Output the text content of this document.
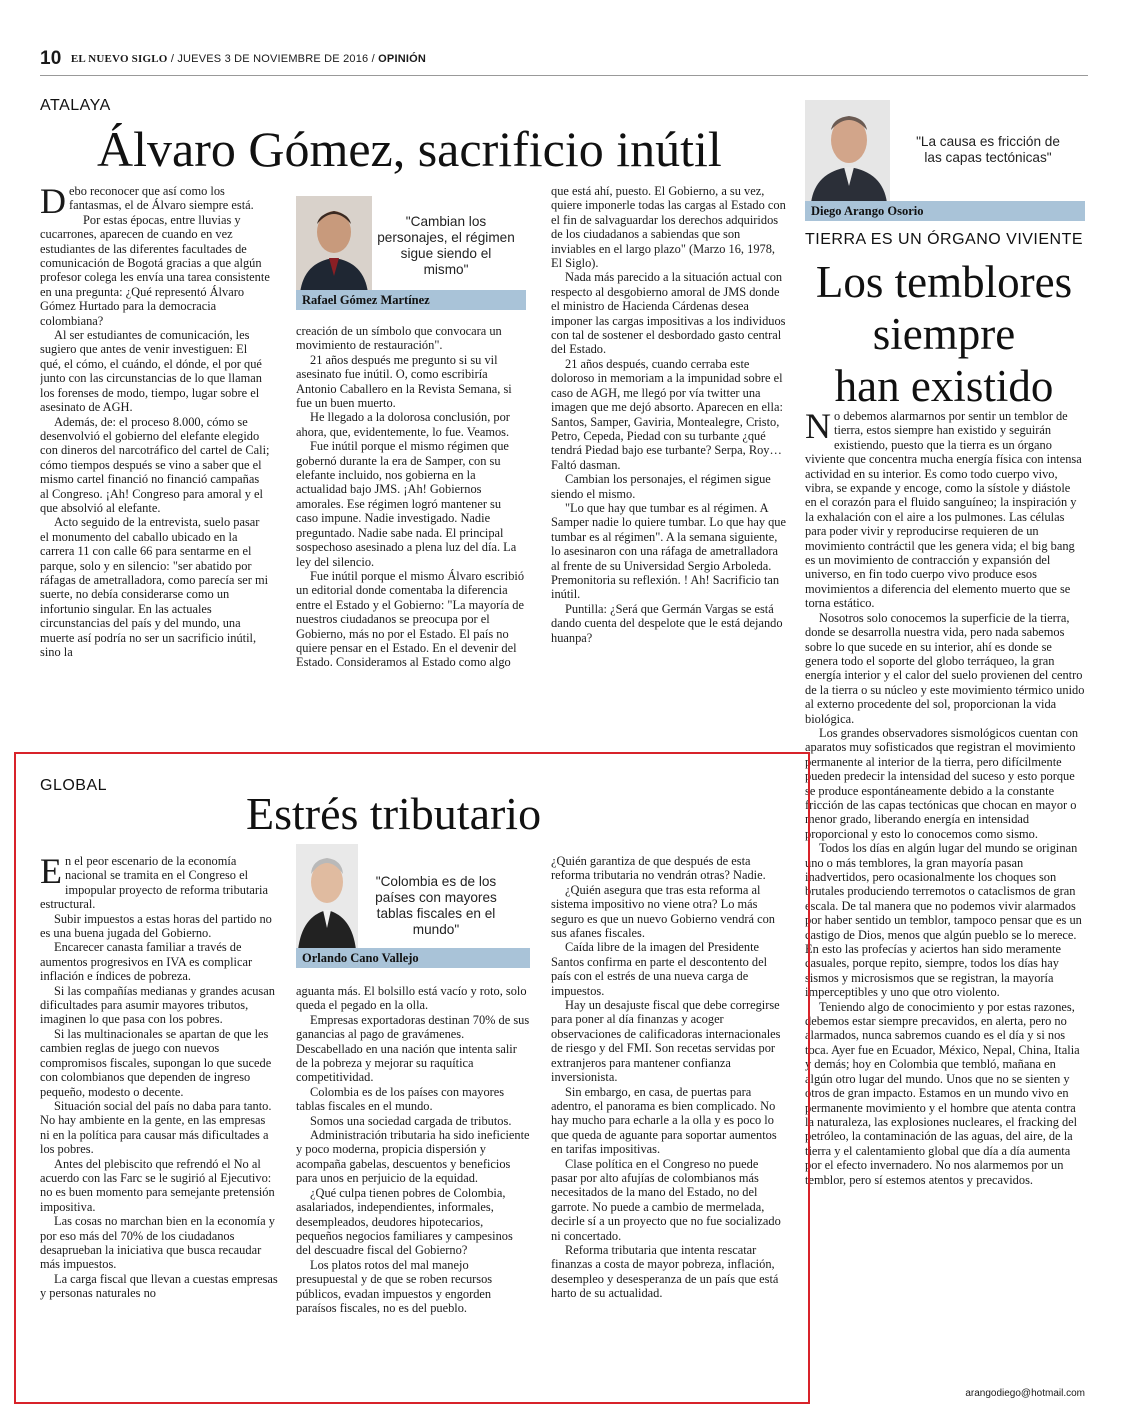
10 EL NUEVO SIGLO / JUEVES 3 DE NOVIEMBRE DE 2016 / OPINIÓN
ATALAYA
Álvaro Gómez, sacrificio inútil

Debo reconocer que así como los fantasmas, el de Álvaro siempre está.

Por estas épocas, entre lluvias y cucarrones, aparecen de cuando en vez estudiantes de las diferentes facultades de comunicación de Bogotá gracias a que algún profesor colega les envía una tarea consistente en una pregunta: ¿Qué representó Álvaro Gómez Hurtado para la democracia colombiana?

Al ser estudiantes de comunicación, les sugiero que antes de venir investiguen: El qué, el cómo, el cuándo, el dónde, el por qué junto con las circunstancias de lo que llaman los forenses de modo, tiempo, lugar sobre el asesinato de AGH.

Además, de: el proceso 8.000, cómo se desenvolvió el gobierno del elefante elegido con dineros del narcotráfico del cartel de Cali; cómo tiempos después se vino a saber que el mismo cartel financió no financió campañas al Congreso. ¡Ah! Congreso para amoral y el que absolvió al elefante.

Acto seguido de la entrevista, suelo pasar el monumento del caballo ubicado en la carrera 11 con calle 66 para sentarme en el parque, solo y en silencio: "ser abatido por ráfagas de ametralladora, como parecía ser mi suerte, no debía considerarse como un infortunio singular. En las actuales circunstancias del país y del mundo, una muerte así podría no ser un sacrificio inútil, sino la

"Cambian los personajes, el régimen sigue siendo el mismo"
Rafael Gómez Martínez

creación de un símbolo que convocara un movimiento de restauración".

21 años después me pregunto si su vil asesinato fue inútil. O, como escribiría Antonio Caballero en la Revista Semana, si fue un buen muerto.

He llegado a la dolorosa conclusión, por ahora, que, evidentemente, lo fue. Veamos.

Fue inútil porque el mismo régimen que gobernó durante la era de Samper, con su elefante incluido, nos gobierna en la actualidad bajo JMS. ¡Ah! Gobiernos amorales. Ese régimen logró mantener su caso impune. Nadie investigado. Nadie preguntado. Nadie sabe nada. El principal sospechoso asesinado a plena luz del día. La ley del silencio.

Fue inútil porque el mismo Álvaro escribió un editorial donde comentaba la diferencia entre el Estado y el Gobierno: "La mayoría de nuestros ciudadanos se preocupa por el Gobierno, más no por el Estado. El país no quiere pensar en el Estado. En el devenir del Estado. Consideramos al Estado como algo

que está ahí, puesto. El Gobierno, a su vez, quiere imponerle todas las cargas al Estado con el fin de salvaguardar los derechos adquiridos de los ciudadanos a sabiendas que son inviables en el largo plazo" (Marzo 16, 1978, El Siglo).

Nada más parecido a la situación actual con respecto al desgobierno amoral de JMS donde el ministro de Hacienda Cárdenas desea imponer las cargas impositivas a los individuos con tal de sostener el desbordado gasto central del Estado.

21 años después, cuando cerraba este doloroso in memoriam a la impunidad sobre el caso de AGH, me llegó por vía twitter una imagen que me dejó absorto. Aparecen en ella: Santos, Samper, Gaviria, Montealegre, Cristo, Petro, Cepeda, Piedad con su turbante ¿qué tendrá Piedad bajo ese turbante? Serpa, Roy…Faltó dasman.

Cambian los personajes, el régimen sigue siendo el mismo.

"Lo que hay que tumbar es al régimen. A Samper nadie lo quiere tumbar. Lo que hay que tumbar es al régimen". A la semana siguiente, lo asesinaron con una ráfaga de ametralladora al frente de su Universidad Sergio Arboleda. Premonitoria su reflexión. ! Ah! Sacrificio tan inútil.

Puntilla: ¿Será que Germán Vargas se está dando cuenta del despelote que le está dejando huanpa?

"La causa es fricción de las capas tectónicas"
Diego Arango Osorio
TIERRA ES UN ÓRGANO VIVIENTE
Los temblores
siempre
han existido

No debemos alarmarnos por sentir un temblor de tierra, estos siempre han existido y seguirán existiendo, puesto que la tierra es un órgano viviente que concentra mucha energía física con intensa actividad en su interior. Es como todo cuerpo vivo, vibra, se expande y encoge, como la sístole y diástole en el corazón para el fluido sanguíneo; la inspiración y la exhalación con el aire a los pulmones. Las células para poder vivir y reproducirse requieren de un movimiento contráctil que les genera vida; el big bang es un movimiento de contracción y expansión del universo, en fin todo cuerpo vivo produce esos movimientos a diferencia del elemento muerto que se torna estático.

Nosotros solo conocemos la superficie de la tierra, donde se desarrolla nuestra vida, pero nada sabemos sobre lo que sucede en su interior, ahí es donde se genera todo el soporte del globo terráqueo, la gran energía interior y el calor del suelo provienen del centro de la tierra o su núcleo y este movimiento térmico unido al externo procedente del sol, proporcionan la vida biológica.

Los grandes observadores sismológicos cuentan con aparatos muy sofisticados que registran el movimiento permanente al interior de la tierra, pero difícilmente pueden predecir la intensidad del suceso y esto porque se produce espontáneamente debido a la constante fricción de las capas tectónicas que chocan en mayor o menor grado, liberando energía en intensidad proporcional y esto lo conocemos como sismo.

Todos los días en algún lugar del mundo se originan uno o más temblores, la gran mayoría pasan inadvertidos, pero ocasionalmente los choques son brutales produciendo terremotos o cataclismos de gran escala. De tal manera que no podemos vivir alarmados por haber sentido un temblor, tampoco pensar que es un castigo de Dios, menos que algún pueblo se lo merece. En esto las profecías y aciertos han sido meramente casuales, porque repito, siempre, todos los días hay sismos y microsismos que se registran, la mayoría imperceptibles y uno que otro violento.

Teniendo algo de conocimiento y por estas razones, debemos estar siempre precavidos, en alerta, pero no alarmados, nunca sabremos cuando es el día y si nos toca. Ayer fue en Ecuador, México, Nepal, China, Italia y demás; hoy en Colombia que tembló, mañana en algún otro lugar del mundo. Unos que no se sienten y otros de gran impacto. Estamos en un mundo vivo en permanente movimiento y el hombre que atenta contra la naturaleza, las explosiones nucleares, el fracking del petróleo, la contaminación de las aguas, del aire, de la tierra y el calentamiento global que día a día aumenta por el efecto invernadero. No nos alarmemos por un temblor, pero sí estemos atentos y precavidos.

arangodiego@hotmail.com
GLOBAL
Estrés tributario

En el peor escenario de la economía nacional se tramita en el Congreso el impopular proyecto de reforma tributaria estructural.

Subir impuestos a estas horas del partido no es una buena jugada del Gobierno.

Encarecer canasta familiar a través de aumentos progresivos en IVA es complicar inflación e índices de pobreza.

Si las compañías medianas y grandes acusan dificultades para asumir mayores tributos, imaginen lo que pasa con los pobres.

Si las multinacionales se apartan de que les cambien reglas de juego con nuevos compromisos fiscales, supongan lo que sucede con colombianos que dependen de ingreso pequeño, modesto o decente.

Situación social del país no daba para tanto. No hay ambiente en la gente, en las empresas ni en la política para causar más dificultades a los pobres.

Antes del plebiscito que refrendó el No al acuerdo con las Farc se le sugirió al Ejecutivo: no es buen momento para semejante pretensión impositiva.

Las cosas no marchan bien en la economía y por eso más del 70% de los ciudadanos desaprueban la iniciativa que busca recaudar más impuestos.

La carga fiscal que llevan a cuestas empresas y personas naturales no

"Colombia es de los países con mayores tablas fiscales en el mundo"
Orlando Cano Vallejo

aguanta más. El bolsillo está vacío y roto, solo queda el pegado en la olla.

Empresas exportadoras destinan 70% de sus ganancias al pago de gravámenes. Descabellado en una nación que intenta salir de la pobreza y mejorar su raquítica competitividad.

Colombia es de los países con mayores tablas fiscales en el mundo.

Somos una sociedad cargada de tributos.

Administración tributaria ha sido ineficiente y poco moderna, propicia dispersión y acompaña gabelas, descuentos y beneficios para unos en perjuicio de la equidad.

¿Qué culpa tienen pobres de Colombia, asalariados, independientes, informales, desempleados, deudores hipotecarios, pequeños negocios familiares y campesinos del descuadre fiscal del Gobierno?

Los platos rotos del mal manejo presupuestal y de que se roben recursos públicos, evadan impuestos y engorden paraísos fiscales, no es del pueblo.

¿Quién garantiza de que después de esta reforma tributaria no vendrán otras? Nadie.

¿Quién asegura que tras esta reforma al sistema impositivo no viene otra? Lo más seguro es que un nuevo Gobierno vendrá con sus afanes fiscales.

Caída libre de la imagen del Presidente Santos confirma en parte el descontento del país con el estrés de una nueva carga de impuestos.

Hay un desajuste fiscal que debe corregirse para poner al día finanzas y acoger observaciones de calificadoras internacionales de riesgo y del FMI. Son recetas servidas por extranjeros para mantener confianza inversionista.

Sin embargo, en casa, de puertas para adentro, el panorama es bien complicado. No hay mucho para echarle a la olla y es poco lo que queda de aguante para soportar aumentos en tarifas impositivas.

Clase política en el Congreso no puede pasar por alto afujías de colombianos más necesitados de la mano del Estado, no del garrote. No puede a cambio de mermelada, decirle sí a un proyecto que no fue socializado ni concertado.

Reforma tributaria que intenta rescatar finanzas a costa de mayor pobreza, inflación, desempleo y desesperanza de un país que está harto de su actualidad.
